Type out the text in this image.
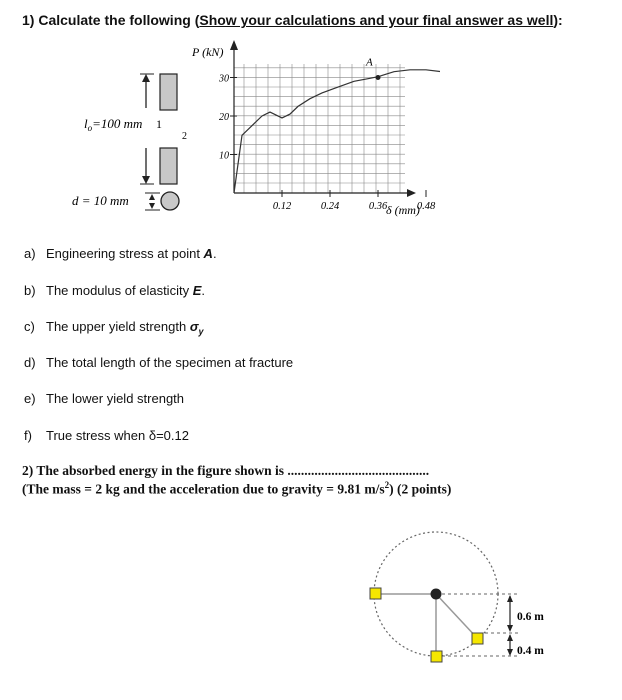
1) Calculate the following (Show your calculations and your final answer as well):
$l_o=100$ mm 1
2
d = 10 mm
10
20
30
0.12	0.24	0.36	0.48
A
P (kN)
δ (mm)
a) Engineering stress at point A.
b) The modulus of elasticity E.
c) The upper yield strength $\sigma_y$
d) The total length of the specimen at fracture
e) The lower yield strength
f) True stress when δ=0.12
2) The absorbed energy in the figure shown is ..........................................
(The mass = 2 kg and the acceleration due to gravity = 9.81 $m/s^2$) (2 points)
0.6 m
0.4 m
